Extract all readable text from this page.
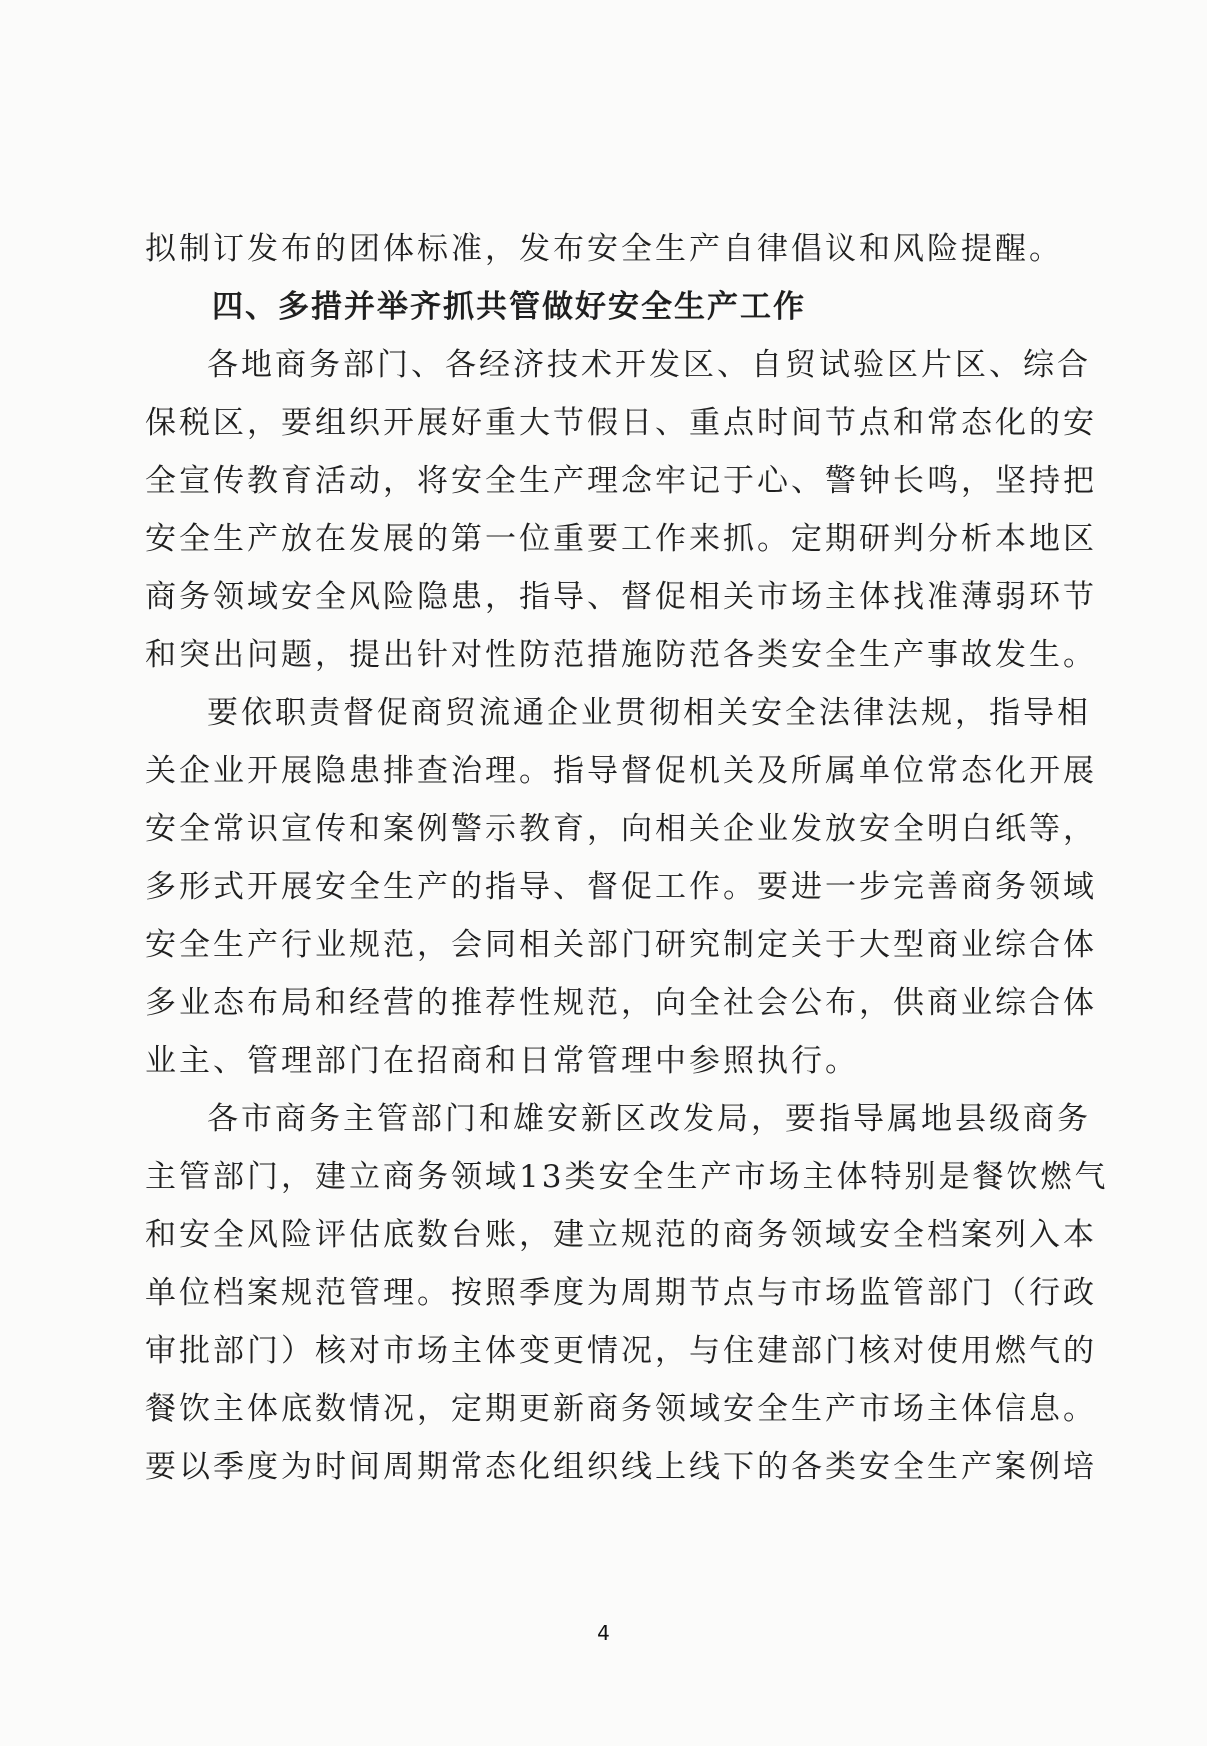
拟制订发布的团体标准，发布安全生产自律倡议和风险提醒。
四、多措并举齐抓共管做好安全生产工作
各地商务部门、各经济技术开发区、自贸试验区片区、综合
保税区，要组织开展好重大节假日、重点时间节点和常态化的安
全宣传教育活动，将安全生产理念牢记于心、警钟长鸣，坚持把
安全生产放在发展的第一位重要工作来抓。定期研判分析本地区
商务领域安全风险隐患，指导、督促相关市场主体找准薄弱环节
和突出问题，提出针对性防范措施防范各类安全生产事故发生。
要依职责督促商贸流通企业贯彻相关安全法律法规，指导相
关企业开展隐患排查治理。指导督促机关及所属单位常态化开展
安全常识宣传和案例警示教育，向相关企业发放安全明白纸等，
多形式开展安全生产的指导、督促工作。要进一步完善商务领域
安全生产行业规范，会同相关部门研究制定关于大型商业综合体
多业态布局和经营的推荐性规范，向全社会公布，供商业综合体
业主、管理部门在招商和日常管理中参照执行。
各市商务主管部门和雄安新区改发局，要指导属地县级商务
主管部门，建立商务领域13类安全生产市场主体特别是餐饮燃气
和安全风险评估底数台账，建立规范的商务领域安全档案列入本
单位档案规范管理。按照季度为周期节点与市场监管部门（行政
审批部门）核对市场主体变更情况，与住建部门核对使用燃气的
餐饮主体底数情况，定期更新商务领域安全生产市场主体信息。
要以季度为时间周期常态化组织线上线下的各类安全生产案例培
4
